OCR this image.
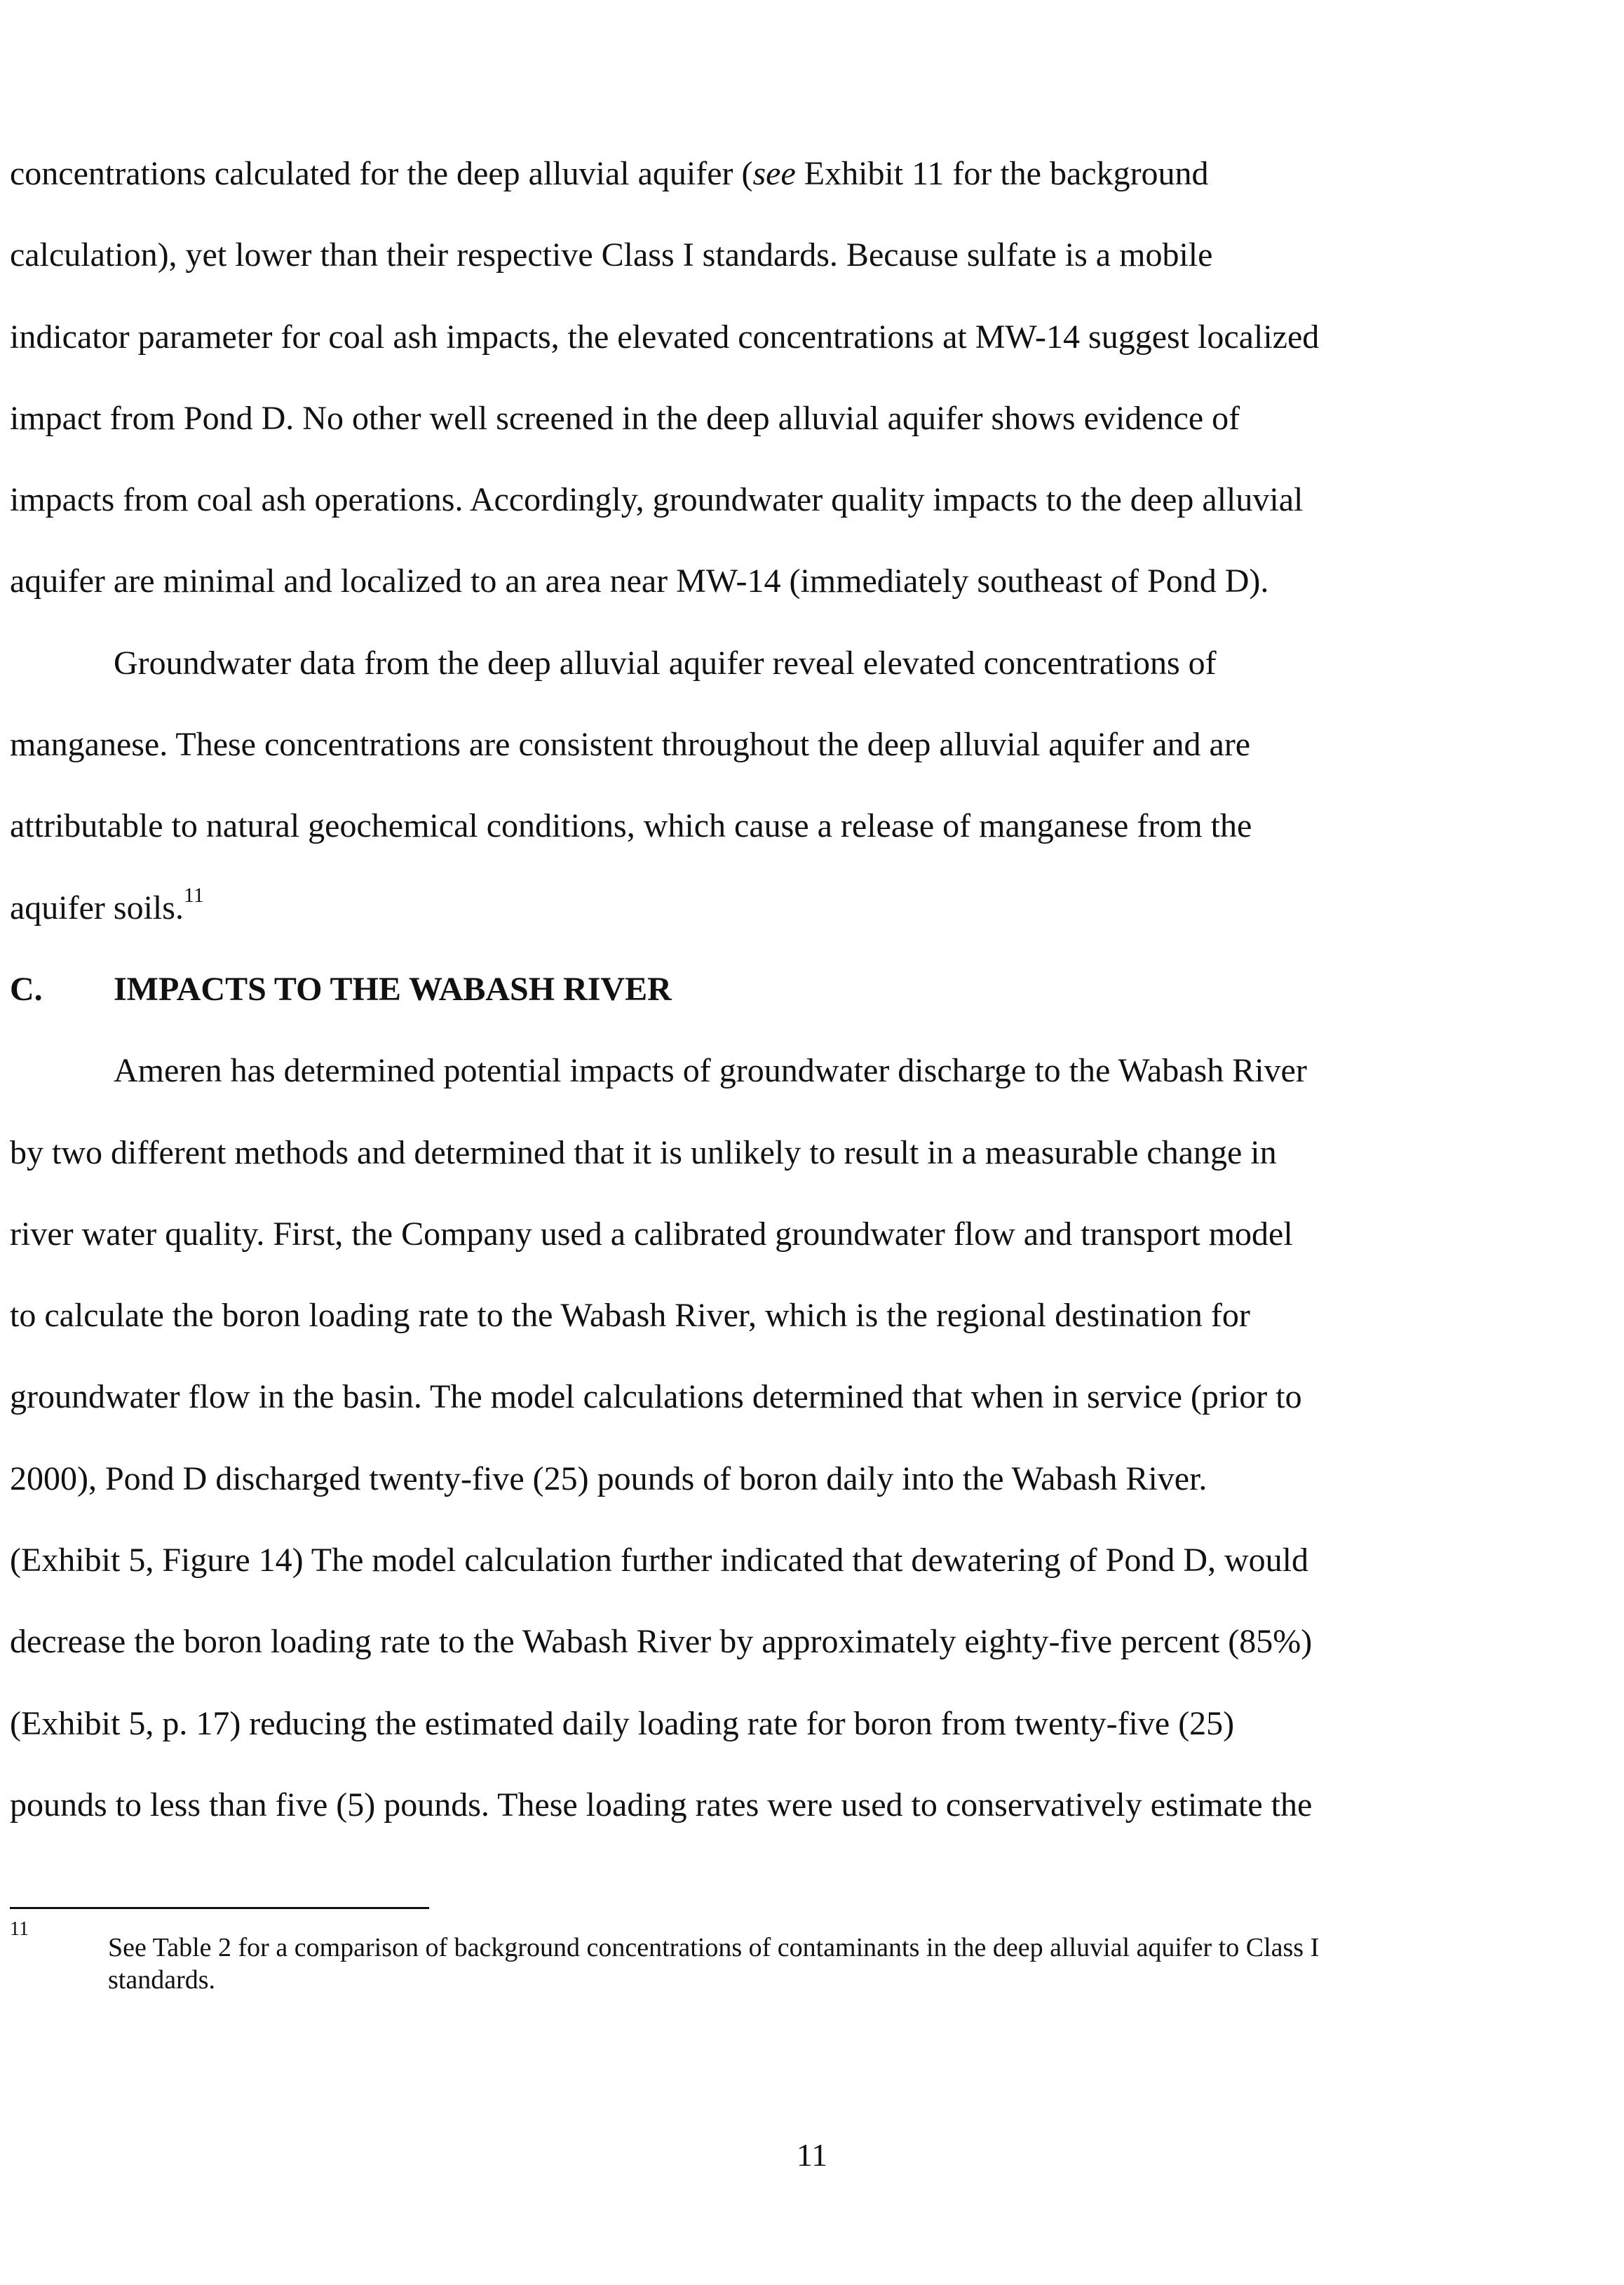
concentrations calculated for the deep alluvial aquifer (see Exhibit 11 for the background
calculation), yet lower than their respective Class I standards. Because sulfate is a mobile
indicator parameter for coal ash impacts, the elevated concentrations at MW-14 suggest localized
impact from Pond D. No other well screened in the deep alluvial aquifer shows evidence of
impacts from coal ash operations. Accordingly, groundwater quality impacts to the deep alluvial
aquifer are minimal and localized to an area near MW-14 (immediately southeast of Pond D).

Groundwater data from the deep alluvial aquifer reveal elevated concentrations of
manganese. These concentrations are consistent throughout the deep alluvial aquifer and are
attributable to natural geochemical conditions, which cause a release of manganese from the
aquifer soils.$^{11}$

C. IMPACTS TO THE WABASH RIVER

Ameren has determined potential impacts of groundwater discharge to the Wabash River
by two different methods and determined that it is unlikely to result in a measurable change in
river water quality. First, the Company used a calibrated groundwater flow and transport model
to calculate the boron loading rate to the Wabash River, which is the regional destination for
groundwater flow in the basin. The model calculations determined that when in service (prior to
2000), Pond D discharged twenty-five (25) pounds of boron daily into the Wabash River.
(Exhibit 5, Figure 14) The model calculation further indicated that dewatering of Pond D, would
decrease the boron loading rate to the Wabash River by approximately eighty-five percent (85%)
(Exhibit 5, p. 17) reducing the estimated daily loading rate for boron from twenty-five (25)
pounds to less than five (5) pounds. These loading rates were used to conservatively estimate the

11
See Table 2 for a comparison of background concentrations of contaminants in the deep alluvial aquifer to Class I standards.
11
